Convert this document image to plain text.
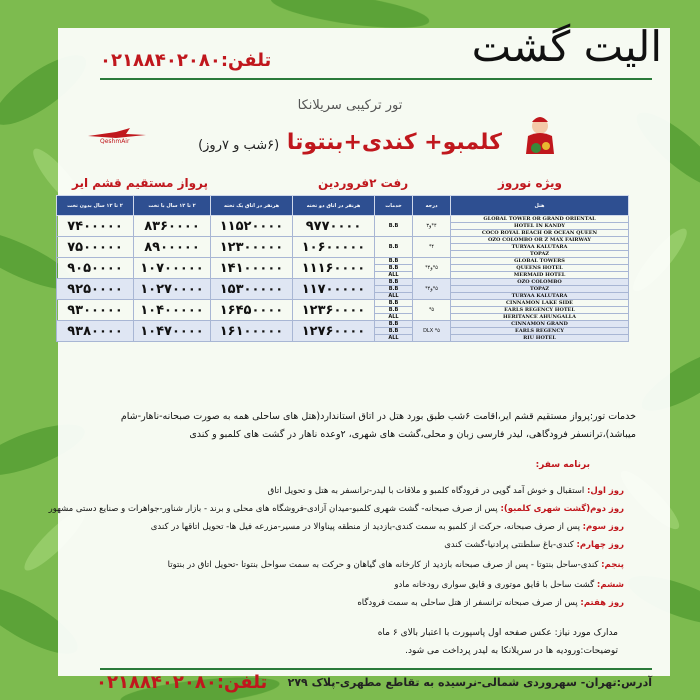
الیت گشت
تلفن:۰۲۱۸۸۴۰۲۰۸۰
تور ترکیبی سریلانکا
کلمبو+ کندی+بنتوتا (۶شب و ۷روز)
QeshmAir
ویژه نوروز
رفت ۲فروردین
پرواز مستقیم قشم ایر
هتل	درجه	خدمات	هرنفر در اتاق دو تخته	هرنفر در اتاق یک تخته	۲ تا ۱۲ سال با تخت	۲ تا ۱۲ سال بدون تخت
GLOBAL TOWER OR GRAND ORIENTAL	۴*و۳	B.B	۹۷۷۰۰۰۰	۱۱۵۲۰۰۰۰	۸۳۶۰۰۰۰	۷۴۰۰۰۰۰
HOTEL IN KANDY						
COCO ROYAL BEACH OR OCEAN QUEEN						
OZO COLOMBO OR Z MAX FAIRWAY	۴*	B.B	۱۰۶۰۰۰۰۰	۱۲۳۰۰۰۰۰	۸۹۰۰۰۰۰	۷۵۰۰۰۰۰
TURYAA KALUTARA						
TOPAZ						
GLOBAL TOWERS	۵*و۴*	B.B	۱۱۱۶۰۰۰۰	۱۴۱۰۰۰۰۰	۱۰۷۰۰۰۰۰	۹۰۵۰۰۰۰
QUEENS HOTEL		B.B				
MERMAID HOTEL		ALL				
OZO COLOMBO	۵*و۴*	B.B	۱۱۷۰۰۰۰۰	۱۵۳۰۰۰۰۰	۱۰۲۷۰۰۰۰	۹۲۵۰۰۰۰
TOPAZ		B.B				
TURYAA KALUTARA		ALL				
CINNAMON LAKE SIDE	۵*	B.B	۱۲۳۶۰۰۰۰	۱۶۴۵۰۰۰۰	۱۰۴۰۰۰۰۰	۹۳۰۰۰۰۰
EARLS REGENCY HOTEL		B.B				
HERITANCE AHUNGALLA		ALL				
CINNAMON GRAND	۵* DLX	B.B	۱۲۷۶۰۰۰۰	۱۶۱۰۰۰۰۰	۱۰۴۷۰۰۰۰	۹۳۸۰۰۰۰
EARLS REGENCY		B.B				
RIU HOTEL		ALL				
خدمات تور:پرواز مستقیم قشم ایر،اقامت ۶شب طبق بورد هتل در اتاق استاندارد(هتل های ساحلی همه به صورت صبحانه-ناهار-شام
میباشد)،ترانسفر فرودگاهی، لیدر فارسی زبان و محلی،گشت های شهری، ۲وعده ناهار در گشت های کلمبو و کندی
برنامه سفر:
روز اول: استقبال و خوش آمد گویی در فرودگاه کلمبو و ملاقات با لیدر-ترانسفر به هتل و تحویل اتاق
روز دوم(گشت شهری کلمبو): پس از صرف صبحانه- گشت شهری کلمبو-میدان آزادی-فروشگاه های محلی و برند - بازار شناور-جواهرات و صنایع دستی مشهور
روز سوم: پس از صرف صبحانه، حرکت از کلمبو به سمت کندی-بازدید از منطقه پیناوالا در مسیر-مزرعه فیل ها- تحویل اتاقها در کندی
روز چهارم: کندی-باغ سلطنتی پرادنیا-گشت کندی
پنجم: کندی-ساحل بنتوتا - پس از صرف صبحانه بازدید از کارخانه های گیاهان و حرکت به سمت سواحل بنتوتا -تحویل اتاق در بنتوتا
ششم: گشت ساحل با قایق موتوری و قایق سواری رودخانه مادو
روز هفتم: پس از صرف صبحانه ترانسفر از هتل ساحلی به سمت فرودگاه
مدارک مورد نیاز: عکس صفحه اول پاسپورت با اعتبار بالای ۶ ماه
توضیحات:ورودیه ها در سریلانکا به لیدر پرداخت می شود.
تلفن:۰۲۱۸۸۴۰۲۰۸۰ آدرس:تهران- سهروردی شمالی-نرسیده به تقاطع مطهری-پلاک ۲۷۹
